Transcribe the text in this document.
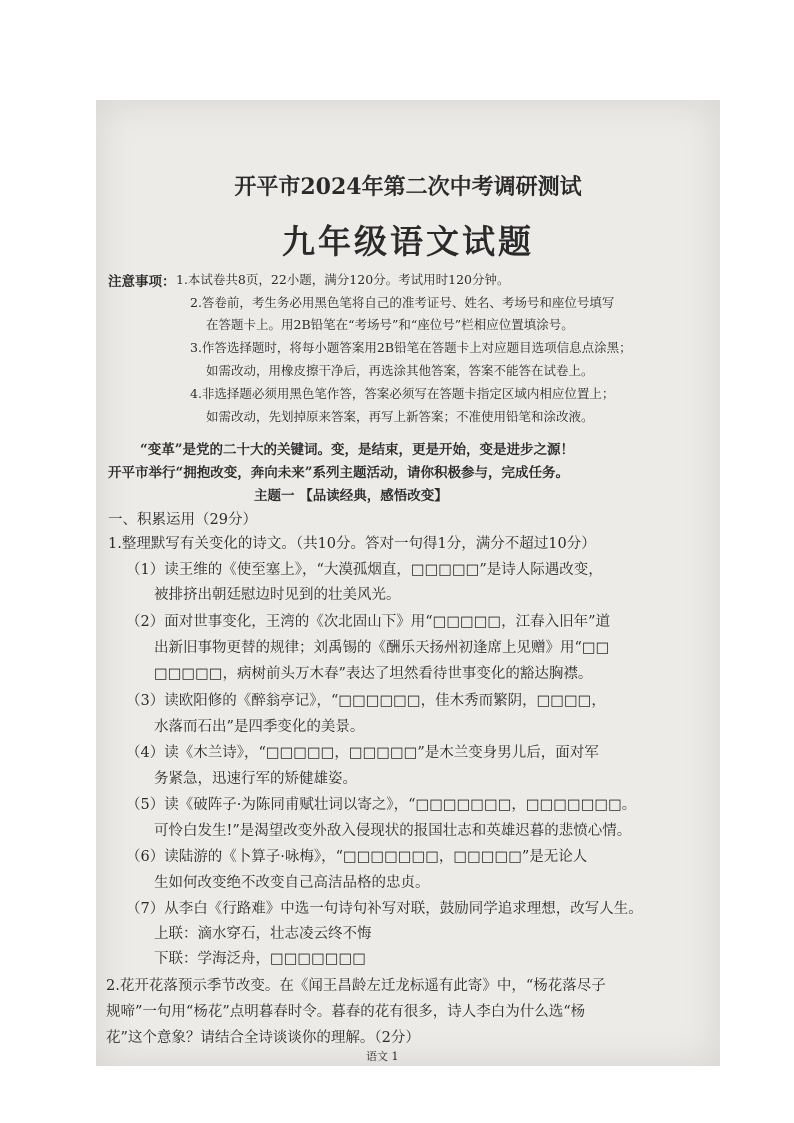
开平市2024年第二次中考调研测试
九年级语文试题
注意事项： 1.本试卷共8页，22小题，满分120分。考试用时120分钟。
2.答卷前，考生务必用黑色笔将自己的准考证号、姓名、考场号和座位号填写
在答题卡上。用2B铅笔在“考场号”和“座位号”栏相应位置填涂号。
3.作答选择题时，将每小题答案用2B铅笔在答题卡上对应题目选项信息点涂黑；
如需改动，用橡皮擦干净后，再选涂其他答案，答案不能答在试卷上。
4.非选择题必须用黑色笔作答，答案必须写在答题卡指定区域内相应位置上；
如需改动，先划掉原来答案，再写上新答案；不准使用铅笔和涂改液。
“变革”是党的二十大的关键词。变，是结束，更是开始，变是进步之源！
开平市举行“拥抱改变，奔向未来”系列主题活动，请你积极参与，完成任务。
主题一 【品读经典，感悟改变】
一、积累运用（29分）
1.整理默写有关变化的诗文。（共10分。答对一句得1分，满分不超过10分）
（1）读王维的《使至塞上》，“大漠孤烟直，□□□□□”是诗人际遇改变，
被排挤出朝廷慰边时见到的壮美风光。
（2）面对世事变化，王湾的《次北固山下》用“□□□□□，江春入旧年”道
出新旧事物更替的规律；刘禹锡的《酬乐天扬州初逢席上见赠》用“□□
□□□□□，病树前头万木春”表达了坦然看待世事变化的豁达胸襟。
（3）读欧阳修的《醉翁亭记》，“□□□□□□，佳木秀而繁阴，□□□□，
水落而石出”是四季变化的美景。
（4）读《木兰诗》，“□□□□□，□□□□□”是木兰变身男儿后，面对军
务紧急，迅速行军的矫健雄姿。
（5）读《破阵子·为陈同甫赋壮词以寄之》，“□□□□□□□，□□□□□□□。
可怜白发生!”是渴望改变外敌入侵现状的报国壮志和英雄迟暮的悲愤心情。
（6）读陆游的《卜算子·咏梅》，“□□□□□□□，□□□□□”是无论人
生如何改变绝不改变自己高洁品格的忠贞。
（7）从李白《行路难》中选一句诗句补写对联，鼓励同学追求理想，改写人生。
上联：滴水穿石，壮志凌云终不悔
下联：学海泛舟，□□□□□□□
2.花开花落预示季节改变。在《闻王昌龄左迁龙标遥有此寄》中，“杨花落尽子
规啼”一句用“杨花”点明暮春时令。暮春的花有很多，诗人李白为什么选“杨
花”这个意象？请结合全诗谈谈你的理解。（2分）
语文 1
